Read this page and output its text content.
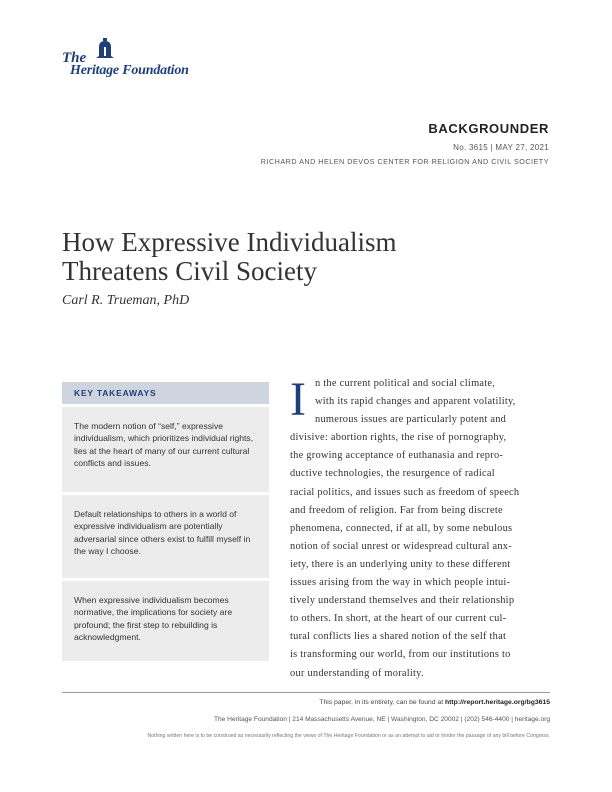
The
Heritage Foundation
BACKGROUNDER
No. 3615 | MAY 27, 2021
RICHARD AND HELEN DEVOS CENTER FOR RELIGION AND CIVIL SOCIETY
How Expressive Individualism
Threatens Civil Society
Carl R. Trueman, PhD
KEY TAKEAWAYS
The modern notion of “self,” expressive individualism, which prioritizes individual rights, lies at the heart of many of our current cultural conflicts and issues.
Default relationships to others in a world of expressive individualism are potentially adversarial since others exist to fulfill myself in the way I choose.
When expressive individualism becomes normative, the implications for society are profound; the first step to rebuilding is acknowledgment.
I n the current political and social climate,
with its rapid changes and apparent volatility,
numerous issues are particularly potent and
divisive: abortion rights, the rise of pornography,
the growing acceptance of euthanasia and repro-
ductive technologies, the resurgence of radical
racial politics, and issues such as freedom of speech
and freedom of religion. Far from being discrete
phenomena, connected, if at all, by some nebulous
notion of social unrest or widespread cultural anx-
iety, there is an underlying unity to these different
issues arising from the way in which people intui-
tively understand themselves and their relationship
to others. In short, at the heart of our current cul-
tural conflicts lies a shared notion of the self that
is transforming our world, from our institutions to
our understanding of morality.
This paper, in its entirety, can be found at http://report.heritage.org/bg3615
The Heritage Foundation | 214 Massachusetts Avenue, NE | Washington, DC 20002 | (202) 546-4400 | heritage.org
Nothing written here is to be construed as necessarily reflecting the views of The Heritage Foundation or as an attempt to aid or hinder the passage of any bill before Congress.
